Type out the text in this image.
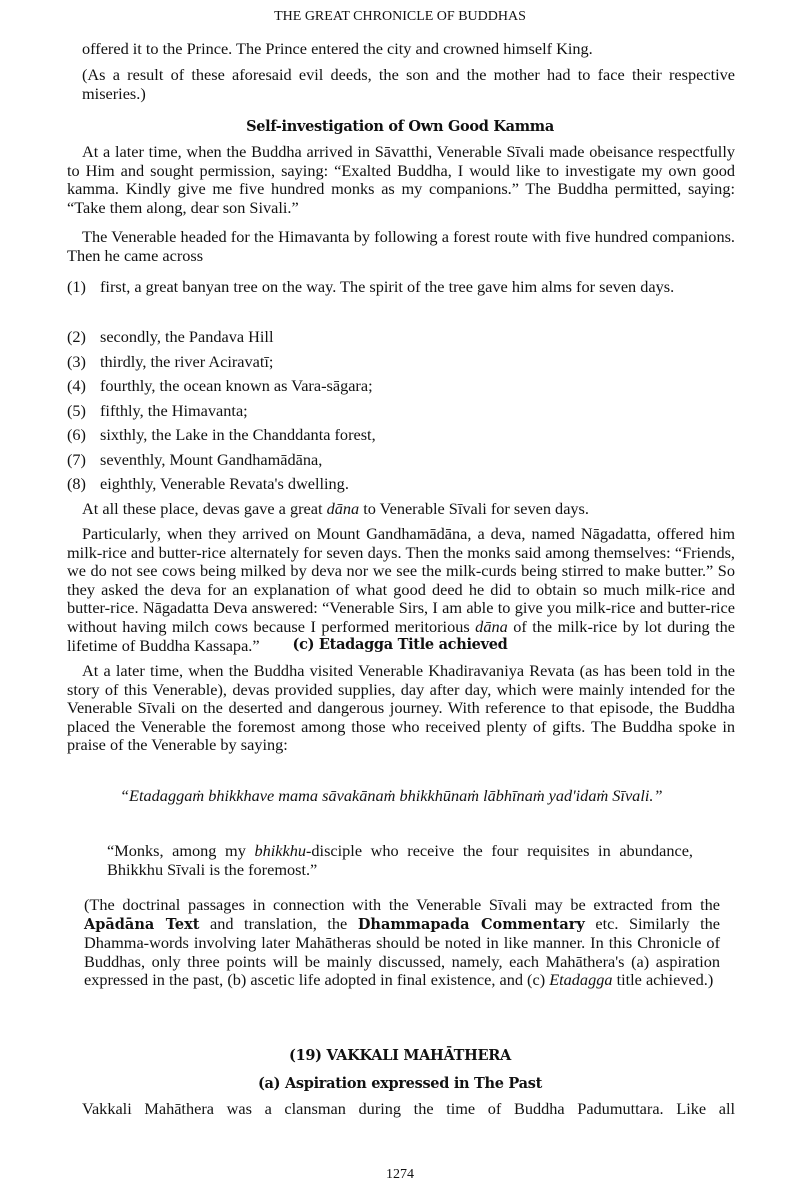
THE GREAT CHRONICLE OF BUDDHAS
offered it to the Prince. The Prince entered the city and crowned himself King.
(As a result of these aforesaid evil deeds, the son and the mother had to face their respective miseries.)
Self-investigation of Own Good Kamma
At a later time, when the Buddha arrived in Sāvatthi, Venerable Sīvali made obeisance respectfully to Him and sought permission, saying: “Exalted Buddha, I would like to investigate my own good kamma. Kindly give me five hundred monks as my companions.” The Buddha permitted, saying: “Take them along, dear son Sivali.”
The Venerable headed for the Himavanta by following a forest route with five hundred companions. Then he came across
(1) first, a great banyan tree on the way. The spirit of the tree gave him alms for seven days.
(2) secondly, the Pandava Hill
(3) thirdly, the river Aciravatī;
(4) fourthly, the ocean known as Vara-sāgara;
(5) fifthly, the Himavanta;
(6) sixthly, the Lake in the Chanddanta forest,
(7) seventhly, Mount Gandhamādāna,
(8) eighthly, Venerable Revata's dwelling.
At all these place, devas gave a great dāna to Venerable Sīvali for seven days.
Particularly, when they arrived on Mount Gandhamādāna, a deva, named Nāgadatta, offered him milk-rice and butter-rice alternately for seven days. Then the monks said among themselves: “Friends, we do not see cows being milked by deva nor we see the milk-curds being stirred to make butter.” So they asked the deva for an explanation of what good deed he did to obtain so much milk-rice and butter-rice. Nāgadatta Deva answered: “Venerable Sirs, I am able to give you milk-rice and butter-rice without having milch cows because I performed meritorious dāna of the milk-rice by lot during the lifetime of Buddha Kassapa.”	(c) Etadagga Title achieved
At a later time, when the Buddha visited Venerable Khadiravaniya Revata (as has been told in the story of this Venerable), devas provided supplies, day after day, which were mainly intended for the Venerable Sīvali on the deserted and dangerous journey. With reference to that episode, the Buddha placed the Venerable the foremost among those who received plenty of gifts. The Buddha spoke in praise of the Venerable by saying:
“Etadaggaṁ bhikkhave mama sāvakānaṁ bhikkhūnaṁ lābhīnaṁ yad'idaṁ Sīvali.”
“Monks, among my bhikkhu-disciple who receive the four requisites in abundance, Bhikkhu Sīvali is the foremost.”
(The doctrinal passages in connection with the Venerable Sīvali may be extracted from the Apādāna Text and translation, the Dhammapada Commentary etc. Similarly the Dhamma-words involving later Mahātheras should be noted in like manner. In this Chronicle of Buddhas, only three points will be mainly discussed, namely, each Mahāthera's (a) aspiration expressed in the past, (b) ascetic life adopted in final existence, and (c) Etadagga title achieved.)
(19) VAKKALI MAHĀTHERA
(a) Aspiration expressed in The Past
Vakkali Mahāthera was a clansman during the time of Buddha Padumuttara. Like all
1274
